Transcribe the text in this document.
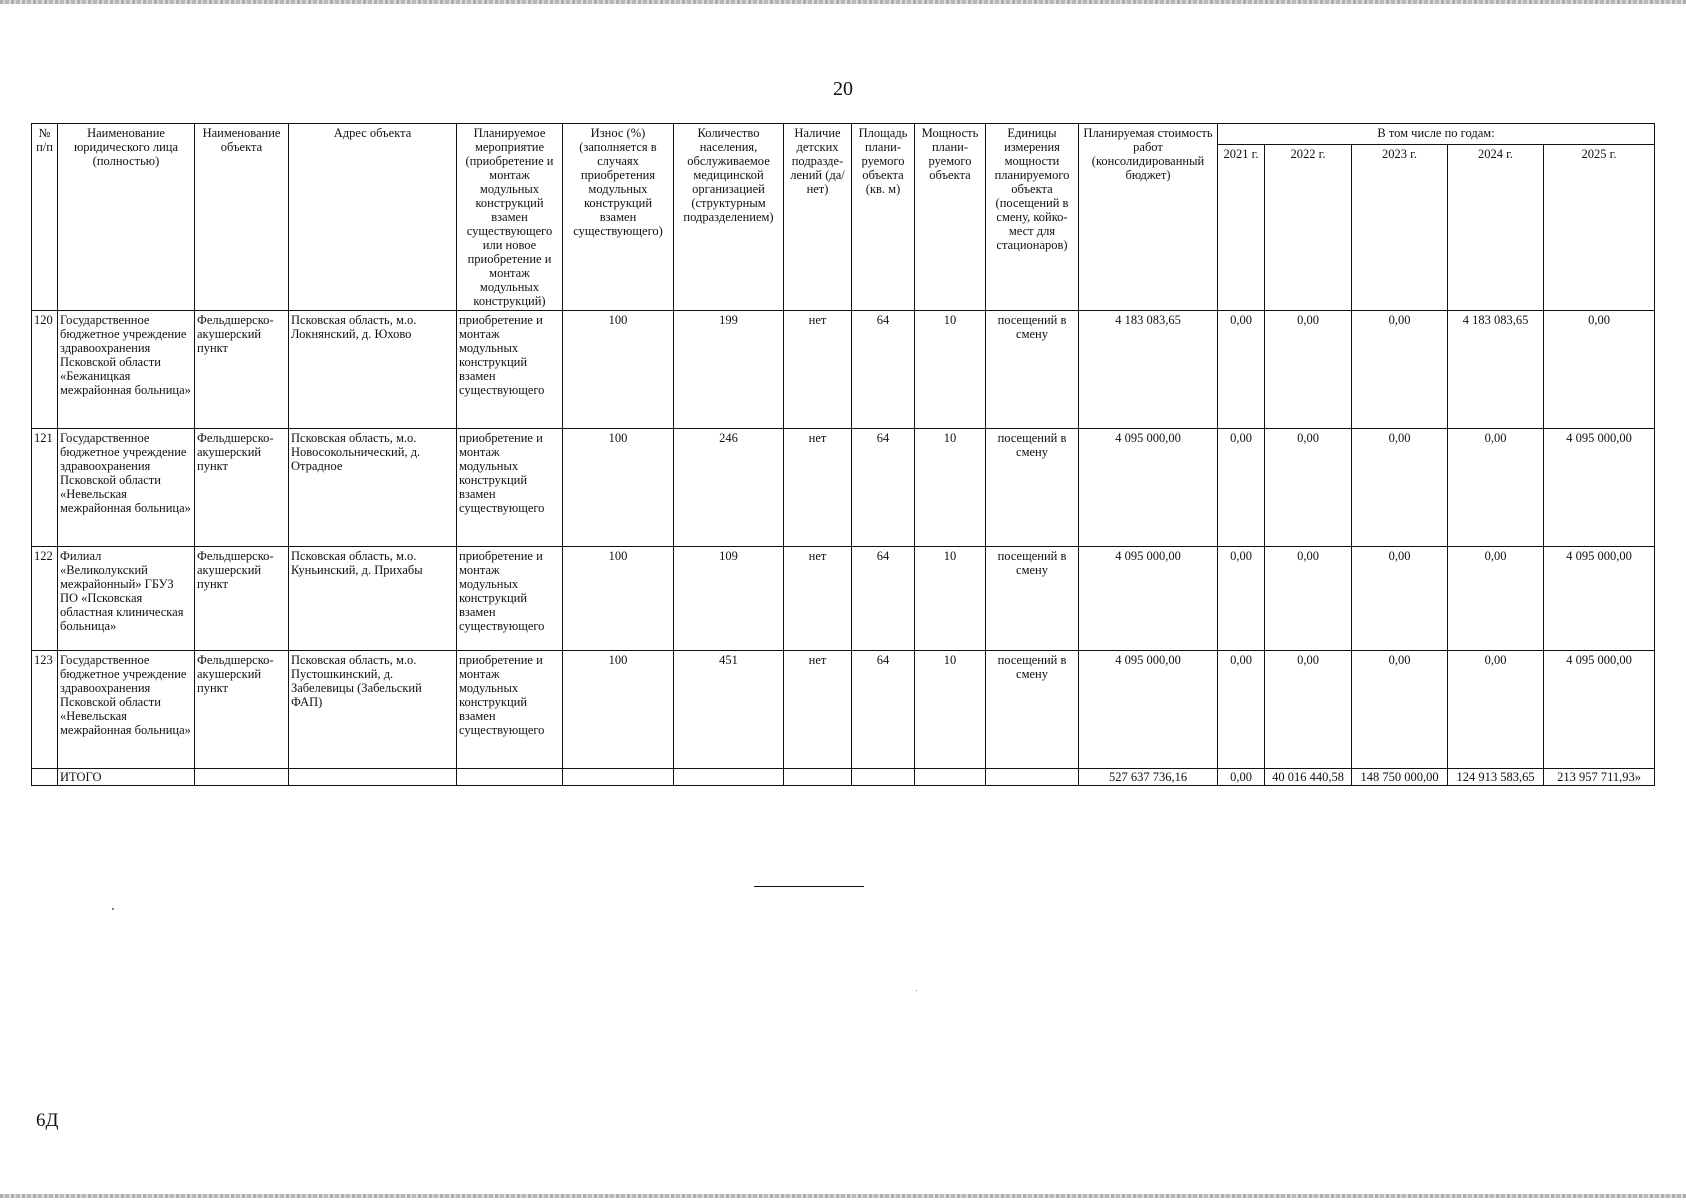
20
№ п/п	Наименование юридического лица (полностью)	Наименование объекта	Адрес объекта	Планируемое мероприятие (приобретение и монтаж модульных конструкций взамен существующего или новое приобретение и монтаж модульных конструкций)	Износ (%) (заполняется в случаях приобретения модульных конструкций взамен существующего)	Количество населения, обслуживаемое медицинской организацией (структурным подразделением)	Наличие детских подразде- лений (да/нет)	Площадь плани- руемого объекта (кв. м)	Мощность плани- руемого объекта	Единицы измерения мощности планируемого объекта (посещений в смену, койко- мест для стационаров)	Планируемая стоимость работ (консолидированный бюджет)	В том числе по годам:				
												2021 г.	2022 г.	2023 г.	2024 г.	2025 г.
120	Государственное бюджетное учреждение здравоохранения Псковской области «Бежаницкая межрайонная больница»	Фельдшерско-акушерский пункт	Псковская область, м.о. Локнянский, д. Юхово	приобретение и монтаж модульных конструкций взамен существующего	100	199	нет	64	10	посещений в смену	4 183 083,65	0,00	0,00	0,00	4 183 083,65	0,00
121	Государственное бюджетное учреждение здравоохранения Псковской области «Невельская межрайонная больница»	Фельдшерско-акушерский пункт	Псковская область, м.о. Новосокольнический, д. Отрадное	приобретение и монтаж модульных конструкций взамен существующего	100	246	нет	64	10	посещений в смену	4 095 000,00	0,00	0,00	0,00	0,00	4 095 000,00
122	Филиал «Великолукский межрайонный» ГБУЗ ПО «Псковская областная клиническая больница»	Фельдшерско-акушерский пункт	Псковская область, м.о. Куньинский, д. Прихабы	приобретение и монтаж модульных конструкций взамен существующего	100	109	нет	64	10	посещений в смену	4 095 000,00	0,00	0,00	0,00	0,00	4 095 000,00
123	Государственное бюджетное учреждение здравоохранения Псковской области «Невельская межрайонная больница»	Фельдшерско-акушерский пункт	Псковская область, м.о. Пустошкинский, д. Забелевицы (Забельский ФАП)	приобретение и монтаж модульных конструкций взамен существующего	100	451	нет	64	10	посещений в смену	4 095 000,00	0,00	0,00	0,00	0,00	4 095 000,00
	ИТОГО										527 637 736,16	0,00	40 016 440,58	148 750 000,00	124 913 583,65	213 957 711,93»
6Д
